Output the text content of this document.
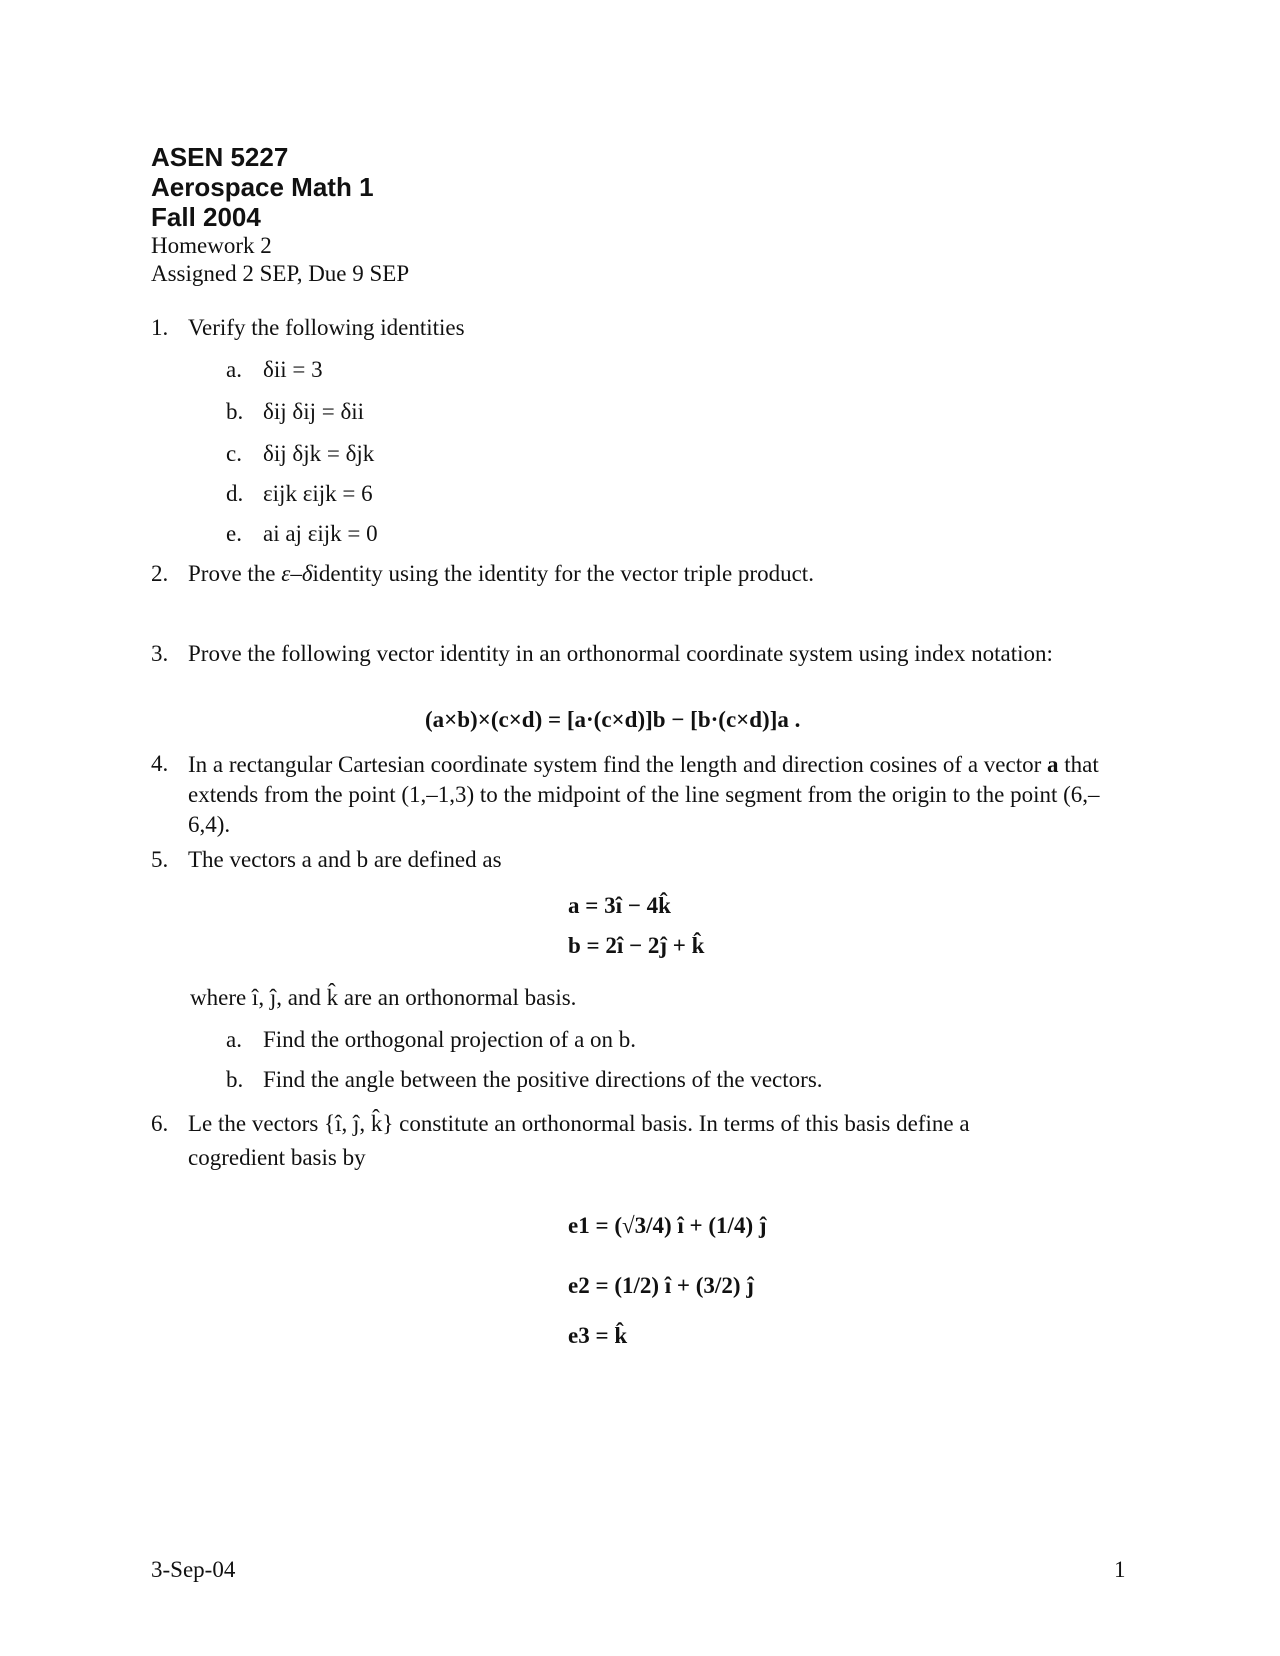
ASEN 5227
Aerospace Math 1
Fall 2004
Homework 2
Assigned 2 SEP, Due 9 SEP
1. Verify the following identities
a. δii = 3
b. δij δij = δii
c. δij δjk = δjk
d. εijk εijk = 6
e. ai aj εijk = 0
2. Prove the ε–δidentity using the identity for the vector triple product.
3. Prove the following vector identity in an orthonormal coordinate system using index notation:
(a×b)×(c×d) = [a·(c×d)]b − [b·(c×d)]a .
4. In a rectangular Cartesian coordinate system find the length and direction cosines of a vector a that extends from the point (1,–1,3) to the midpoint of the line segment from the origin to the point (6,–6,4).
5. The vectors a and b are defined as
a = 3î − 4k̂
b = 2î − 2ĵ + k̂
where î, ĵ, and k̂ are an orthonormal basis.
a. Find the orthogonal projection of a on b.
b. Find the angle between the positive directions of the vectors.
6. Le the vectors {î, ĵ, k̂} constitute an orthonormal basis. In terms of this basis define a
cogredient basis by
e1 = (√3/4) î + (1/4) ĵ
e2 = (1/2) î + (3/2) ĵ
e3 = k̂
3-Sep-04	1
